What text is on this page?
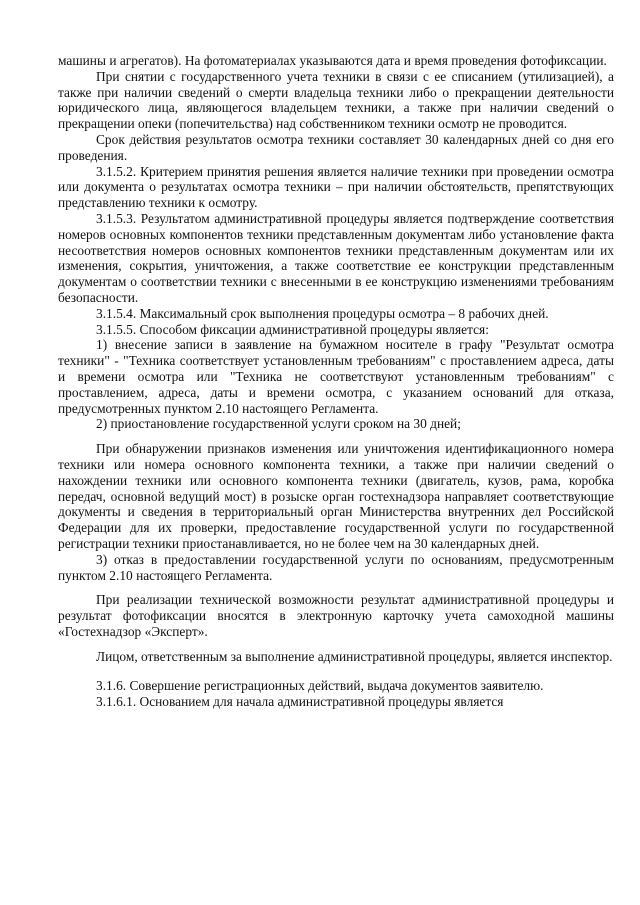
машины и агрегатов). На фотоматериалах указываются дата и время проведения фотофиксации.

При снятии с государственного учета техники в связи с ее списанием (утилизацией), а также при наличии сведений о смерти владельца техники либо о прекращении деятельности юридического лица, являющегося владельцем техники, а также при наличии сведений о прекращении опеки (попечительства) над собственником техники осмотр не проводится.

Срок действия результатов осмотра техники составляет 30 календарных дней со дня его проведения.

3.1.5.2. Критерием принятия решения является наличие техники при проведении осмотра или документа о результатах осмотра техники – при наличии обстоятельств, препятствующих представлению техники к осмотру.

3.1.5.3. Результатом административной процедуры является подтверждение соответствия номеров основных компонентов техники представленным документам либо установление факта несоответствия номеров основных компонентов техники представленным документам или их изменения, сокрытия, уничтожения, а также соответствие ее конструкции представленным документам о соответствии техники с внесенными в ее конструкцию изменениями требованиям безопасности.

3.1.5.4. Максимальный срок выполнения процедуры осмотра – 8 рабочих дней.

3.1.5.5. Способом фиксации административной процедуры является:

1) внесение записи в заявление на бумажном носителе в графу "Результат осмотра техники" - "Техника соответствует установленным требованиям" с проставлением адреса, даты и времени осмотра или "Техника не соответствуют установленным требованиям" с проставлением, адреса, даты и времени осмотра, с указанием оснований для отказа, предусмотренных пунктом 2.10 настоящего Регламента.

2) приостановление государственной услуги сроком на 30 дней;

При обнаружении признаков изменения или уничтожения идентификационного номера техники или номера основного компонента техники, а также при наличии сведений о нахождении техники или основного компонента техники (двигатель, кузов, рама, коробка передач, основной ведущий мост) в розыске орган гостехнадзора направляет соответствующие документы и сведения в территориальный орган Министерства внутренних дел Российской Федерации для их проверки, предоставление государственной услуги по государственной регистрации техники приостанавливается, но не более чем на 30 календарных дней.

3) отказ в предоставлении государственной услуги по основаниям, предусмотренным пунктом 2.10 настоящего Регламента.

При реализации технической возможности результат административной процедуры и результат фотофиксации вносятся в электронную карточку учета самоходной машины «Гостехнадзор «Эксперт».

Лицом, ответственным за выполнение административной процедуры, является инспектор.

3.1.6. Совершение регистрационных действий, выдача документов заявителю.

3.1.6.1. Основанием для начала административной процедуры является
